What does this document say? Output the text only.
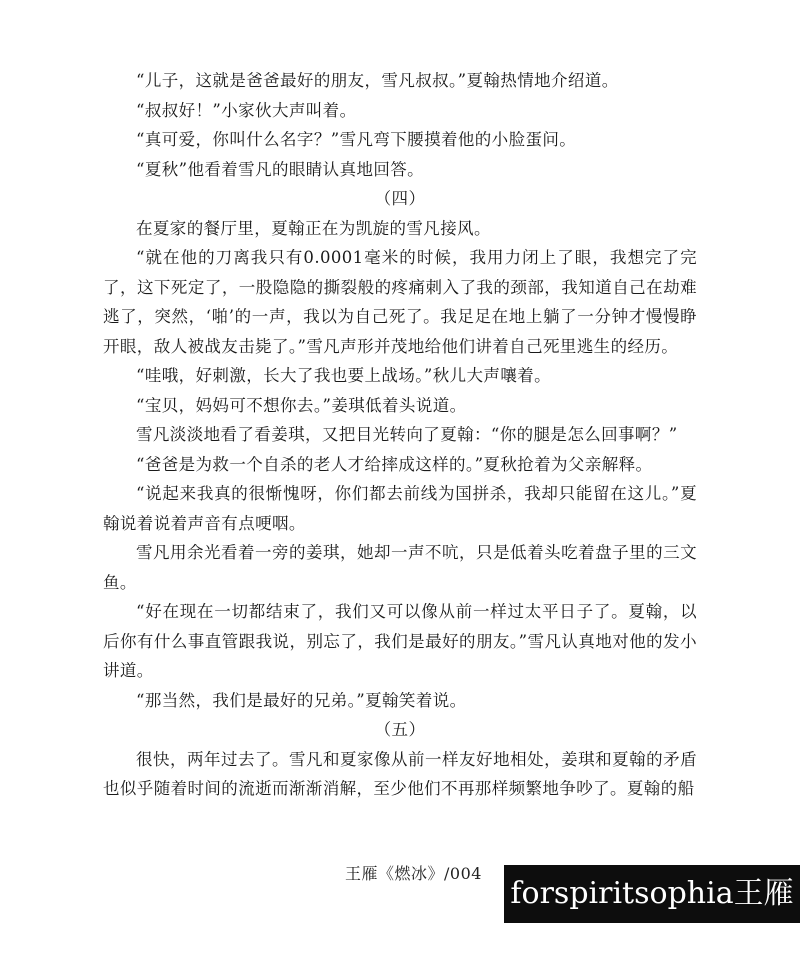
“儿子，这就是爸爸最好的朋友，雪凡叔叔。”夏翰热情地介绍道。

“叔叔好！”小家伙大声叫着。

“真可爱，你叫什么名字？”雪凡弯下腰摸着他的小脸蛋问。

“夏秋”他看着雪凡的眼睛认真地回答。

（四）

在夏家的餐厅里，夏翰正在为凯旋的雪凡接风。

“就在他的刀离我只有0.0001毫米的时候，我用力闭上了眼，我想完了完了，这下死定了，一股隐隐的撕裂般的疼痛刺入了我的颈部，我知道自己在劫难逃了，突然，‘啪’的一声，我以为自己死了。我足足在地上躺了一分钟才慢慢睁开眼，敌人被战友击毙了。”雪凡声形并茂地给他们讲着自己死里逃生的经历。

“哇哦，好刺激，长大了我也要上战场。”秋儿大声嚷着。

“宝贝，妈妈可不想你去。”姜琪低着头说道。

雪凡淡淡地看了看姜琪，又把目光转向了夏翰：“你的腿是怎么回事啊？”

“爸爸是为救一个自杀的老人才给摔成这样的。”夏秋抢着为父亲解释。

“说起来我真的很惭愧呀，你们都去前线为国拼杀，我却只能留在这儿。”夏翰说着说着声音有点哽咽。

雪凡用余光看着一旁的姜琪，她却一声不吭，只是低着头吃着盘子里的三文鱼。

“好在现在一切都结束了，我们又可以像从前一样过太平日子了。夏翰，以后你有什么事直管跟我说，别忘了，我们是最好的朋友。”雪凡认真地对他的发小讲道。

“那当然，我们是最好的兄弟。”夏翰笑着说。

（五）

很快，两年过去了。雪凡和夏家像从前一样友好地相处，姜琪和夏翰的矛盾也似乎随着时间的流逝而渐渐消解，至少他们不再那样频繁地争吵了。夏翰的船

王雁《燃冰》/004
forspiritsophia王雁
